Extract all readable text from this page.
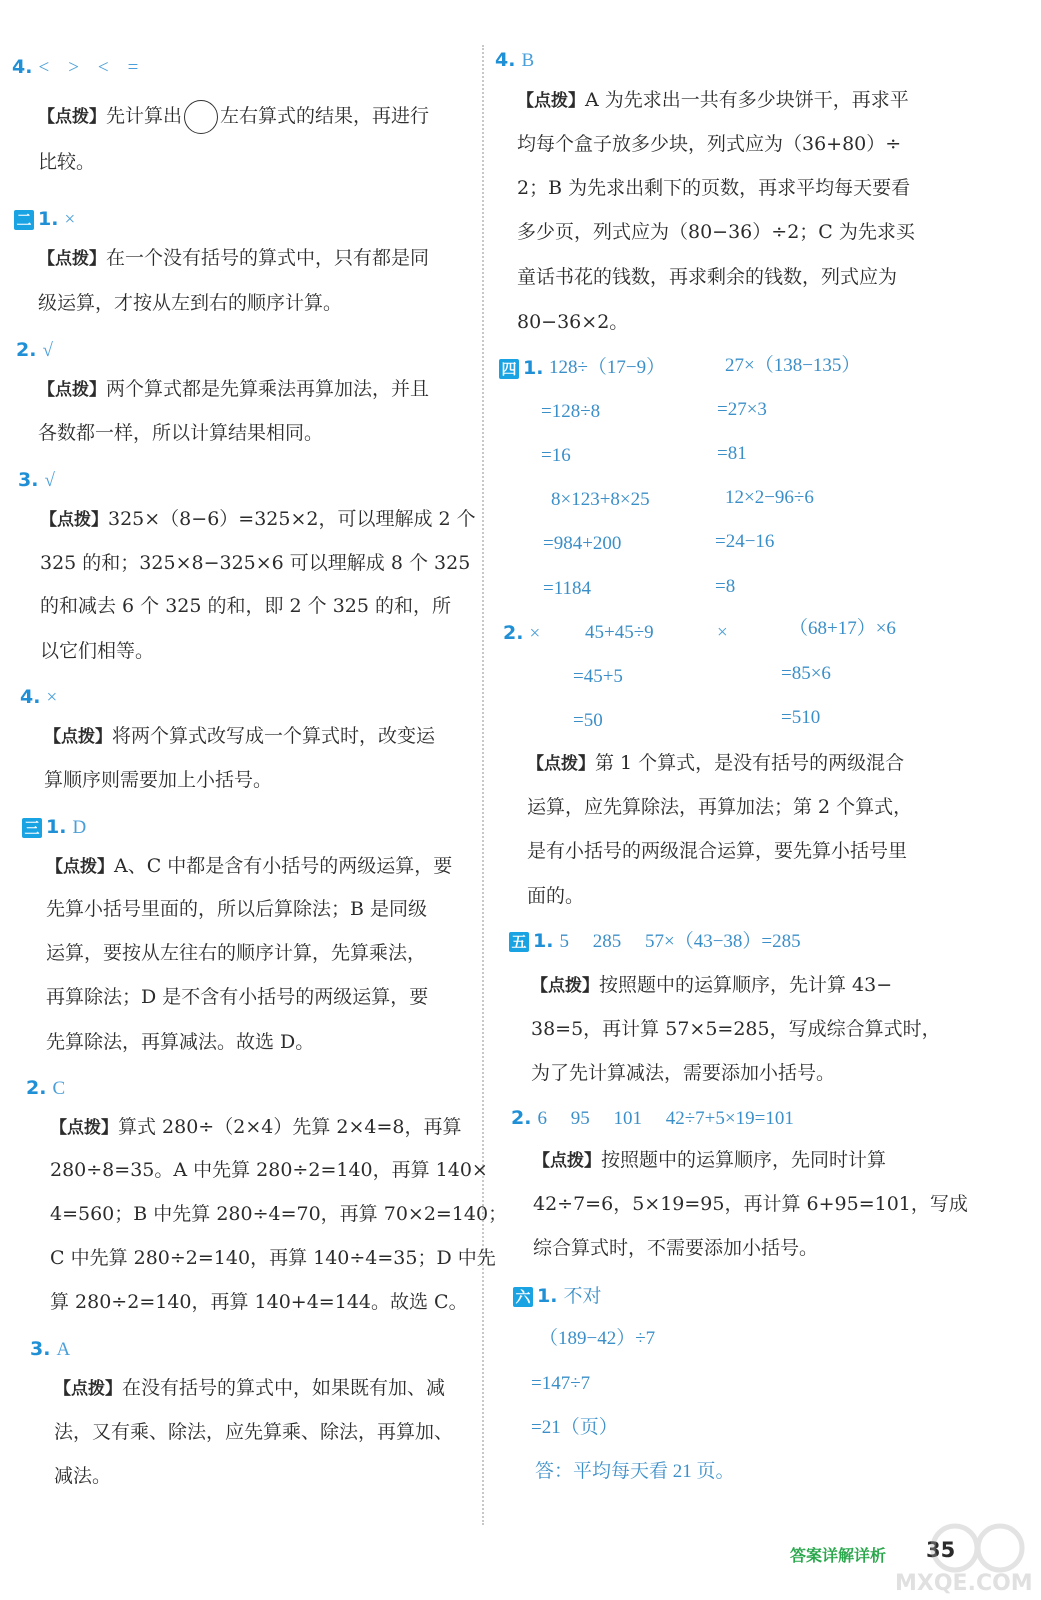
4. <　>　<　=
【点拨】先计算出 左右算式的结果，再进行
比较。
二 1. ×
【点拨】在一个没有括号的算式中，只有都是同
级运算，才按从左到右的顺序计算。
2. √
【点拨】两个算式都是先算乘法再算加法，并且
各数都一样，所以计算结果相同。
3. √
【点拨】325×（8−6）=325×2，可以理解成 2 个
325 的和；325×8−325×6 可以理解成 8 个 325
的和减去 6 个 325 的和，即 2 个 325 的和，所
以它们相等。
4. ×
【点拨】将两个算式改写成一个算式时，改变运
算顺序则需要加上小括号。
三 1. D
【点拨】A、C 中都是含有小括号的两级运算，要
先算小括号里面的，所以后算除法；B 是同级
运算，要按从左往右的顺序计算，先算乘法，
再算除法；D 是不含有小括号的两级运算，要
先算除法，再算减法。故选 D。
2. C
【点拨】算式 280÷（2×4）先算 2×4=8，再算
280÷8=35。A 中先算 280÷2=140，再算 140×
4=560；B 中先算 280÷4=70，再算 70×2=140；
C 中先算 280÷2=140，再算 140÷4=35；D 中先
算 280÷2=140，再算 140+4=144。故选 C。
3. A
【点拨】在没有括号的算式中，如果既有加、减
法，又有乘、除法，应先算乘、除法，再算加、
减法。
4. B
【点拨】A 为先求出一共有多少块饼干，再求平
均每个盒子放多少块，列式应为（36+80）÷
2；B 为先求出剩下的页数，再求平均每天要看
多少页，列式应为（80−36）÷2；C 为先求买
童话书花的钱数，再求剩余的钱数，列式应为
80−36×2。
四 1. 128÷（17−9）
=128÷8
=16
8×123+8×25
=984+200
=1184
27×（138−135）
=27×3
=81
12×2−96÷6
=24−16
=8
2. × 45+45÷9
=45+5
=50
×	（68+17）×6
=85×6
=510
【点拨】第 1 个算式，是没有括号的两级混合
运算，应先算除法，再算加法；第 2 个算式，
是有小括号的两级混合运算，要先算小括号里
面的。
五 1. 5　 285　 57×（43−38）=285
【点拨】按照题中的运算顺序，先计算 43−
38=5，再计算 57×5=285，写成综合算式时，
为了先计算减法，需要添加小括号。
2. 6　 95　 101　 42÷7+5×19=101
【点拨】按照题中的运算顺序，先同时计算
42÷7=6，5×19=95，再计算 6+95=101，写成
综合算式时，不需要添加小括号。
六 1. 不对
（189−42）÷7
=147÷7
=21（页）
答：平均每天看 21 页。
答案详解详析 35
MXQE.COM
